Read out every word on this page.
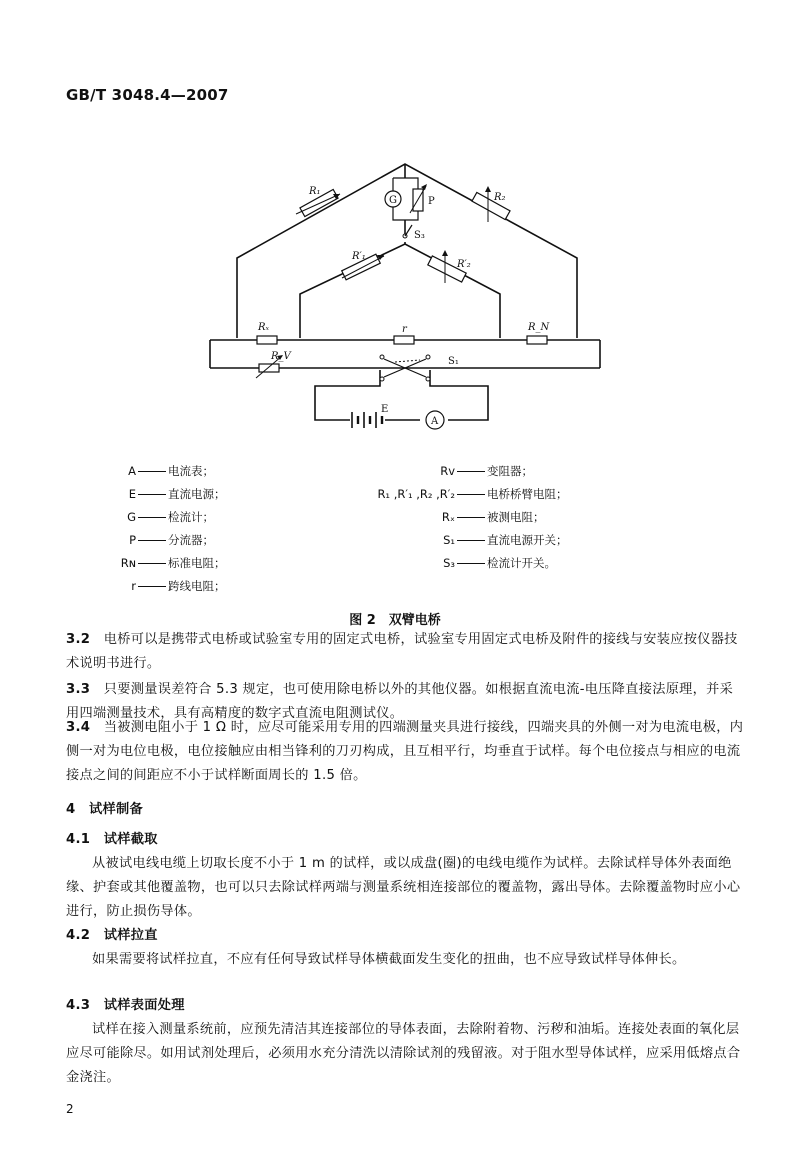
GB/T 3048.4—2007
G	P
S₃
Rₓ	r	R_N
R_V	S₁
E
A
R₁
R₂
R′₁
R′₂
A	电流表；
E	直流电源；
G	检流计；
P	分流器；
Rɴ	标准电阻；
r	跨线电阻；
Rᴠ	变阻器；
R₁ ,R′₁ ,R₂ ,R′₂	电桥桥臂电阻；
Rₓ	被测电阻；
S₁	直流电源开关；
S₃	检流计开关。
图 2　双臂电桥

3.2　 电桥可以是携带式电桥或试验室专用的固定式电桥，试验室专用固定式电桥及附件的接线与安装应按仪器技术说明书进行。

3.3　 只要测量误差符合 5.3 规定，也可使用除电桥以外的其他仪器。如根据直流电流-电压降直接法原理，并采用四端测量技术，具有高精度的数字式直流电阻测试仪。

3.4　 当被测电阻小于 1 Ω 时，应尽可能采用专用的四端测量夹具进行接线，四端夹具的外侧一对为电流电极，内侧一对为电位电极，电位接触应由相当锋利的刀刃构成，且互相平行，均垂直于试样。每个电位接点与相应的电流接点之间的间距应不小于试样断面周长的 1.5 倍。

4　 试样制备

4.1　 试样截取

从被试电线电缆上切取长度不小于 1 m 的试样，或以成盘(圈)的电线电缆作为试样。去除试样导体外表面绝缘、护套或其他覆盖物，也可以只去除试样两端与测量系统相连接部位的覆盖物，露出导体。去除覆盖物时应小心进行，防止损伤导体。

4.2　 试样拉直

如果需要将试样拉直，不应有任何导致试样导体横截面发生变化的扭曲，也不应导致试样导体伸长。

4.3　 试样表面处理

试样在接入测量系统前，应预先清洁其连接部位的导体表面，去除附着物、污秽和油垢。连接处表面的氧化层应尽可能除尽。如用试剂处理后，必须用水充分清洗以清除试剂的残留液。对于阻水型导体试样，应采用低熔点合金浇注。

2
